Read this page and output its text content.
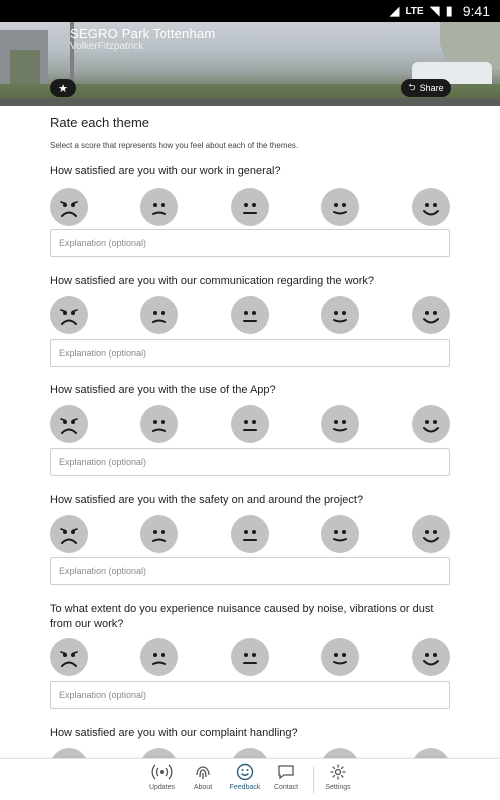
◢ LTE ◥ ▮ 9:41
SEGRO Park Tottenham
VolkerFitzpatrick
★	⮌ Share
Rate each theme
Select a score that represents how you feel about each of the themes.
How satisfied are you with our work in general?
Explanation (optional)
How satisfied are you with our communication regarding the work?
Explanation (optional)
How satisfied are you with the use of the App?
Explanation (optional)
How satisfied are you with the safety on and around the project?
Explanation (optional)
To what extent do you experience nuisance caused by noise, vibrations or dust from our work?
Explanation (optional)
How satisfied are you with our complaint handling?
Updates	About	Feedback	Contact	Settings
